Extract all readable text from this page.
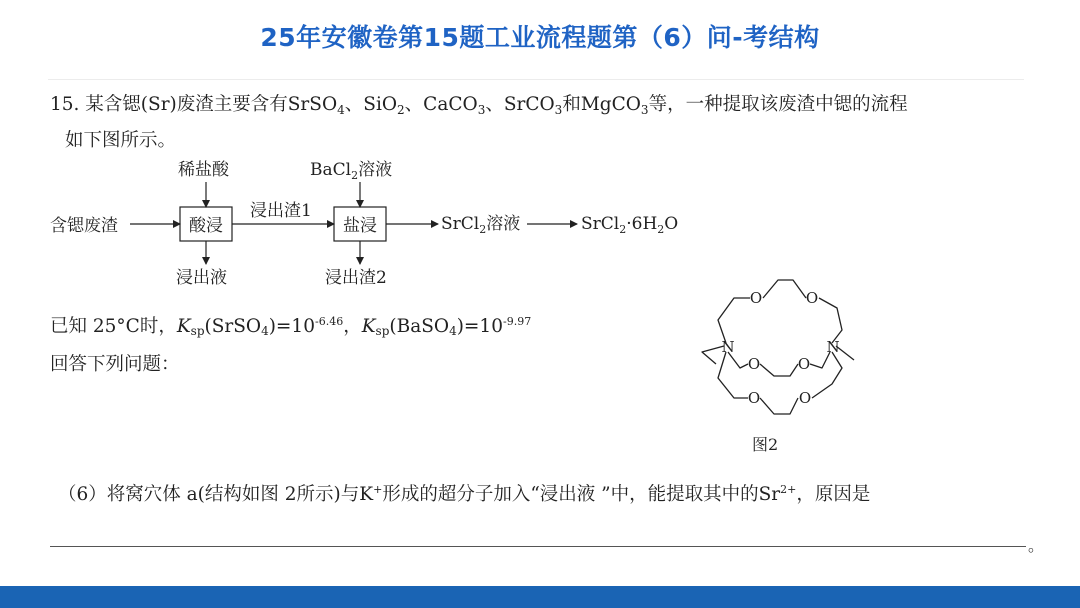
25年安徽卷第15题工业流程题第（6）问-考结构
15. 某含锶(Sr)废渣主要含有SrSO$_4$、SiO$_2$、CaCO$_3$、SrCO$_3$和MgCO$_3$等，一种提取该废渣中锶的流程
如下图所示。
含锶废渣	酸浸
稀盐酸
浸出液
浸出渣1
盐浸
BaCl$_2$溶液
浸出渣2
SrCl$_2$溶液	$SrCl_2\cdot 6H_2O$
已知 25°C时，$Ksp(SrSO4)=10^{-6.46}$，$Ksp(BaSO4)=10^{-9.97}$
回答下列问题：
O	O
O	O
O	O
N	N
图2
（6）将窝穴体 a(结构如图 2所示)与K+形成的超分子加入“浸出液 ”中，能提取其中的$Sr^{2+}$，原因是
。
